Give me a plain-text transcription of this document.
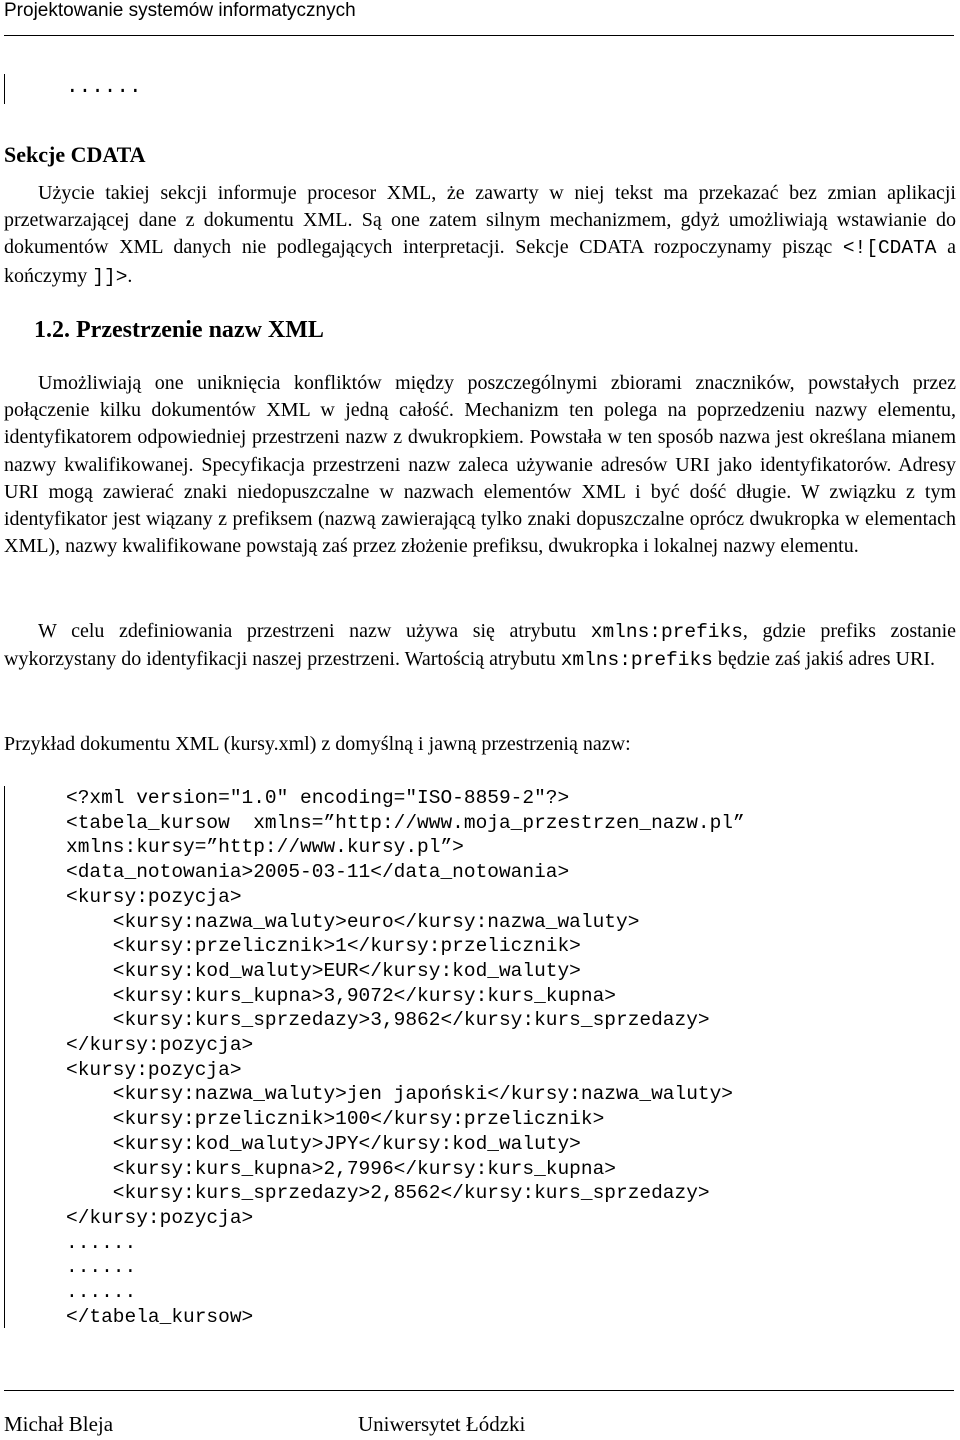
Projektowanie systemów informatycznych
......
Sekcje CDATA

Użycie takiej sekcji informuje procesor XML, że zawarty w niej tekst ma przekazać bez zmian aplikacji przetwarzającej dane z dokumentu XML. Są one zatem silnym mechanizmem, gdyż umożliwiają wstawianie do dokumentów XML danych nie podlegających interpretacji. Sekcje CDATA rozpoczynamy pisząc <![CDATA a kończymy ]]>.

1.2. Przestrzenie nazw XML

Umożliwiają one uniknięcia konfliktów między poszczególnymi zbiorami znaczników, powstałych przez połączenie kilku dokumentów XML w jedną całość. Mechanizm ten polega na poprzedzeniu nazwy elementu, identyfikatorem odpowiedniej przestrzeni nazw z dwukropkiem. Powstała w ten sposób nazwa jest określana mianem nazwy kwalifikowanej. Specyfikacja przestrzeni nazw zaleca używanie adresów URI jako identyfikatorów. Adresy URI mogą zawierać znaki niedopuszczalne w nazwach elementów XML i być dość długie. W związku z tym identyfikator jest wiązany z prefiksem (nazwą zawierającą tylko znaki dopuszczalne oprócz dwukropka w elementach XML), nazwy kwalifikowane powstają zaś przez złożenie prefiksu, dwukropka i lokalnej nazwy elementu.

W celu zdefiniowania przestrzeni nazw używa się atrybutu xmlns:prefiks, gdzie prefiks zostanie wykorzystany do identyfikacji naszej przestrzeni. Wartością atrybutu xmlns:prefiks będzie zaś jakiś adres URI.

Przykład dokumentu XML (kursy.xml) z domyślną i jawną przestrzenią nazw:
<?xml version="1.0" encoding="ISO-8859-2"?>
<tabela_kursow  xmlns=”http://www.moja_przestrzen_nazw.pl”
xmlns:kursy=”http://www.kursy.pl”>
<data_notowania>2005-03-11</data_notowania>
<kursy:pozycja>
<kursy:nazwa_waluty>euro</kursy:nazwa_waluty>
<kursy:przelicznik>1</kursy:przelicznik>
<kursy:kod_waluty>EUR</kursy:kod_waluty>
<kursy:kurs_kupna>3,9072</kursy:kurs_kupna>
<kursy:kurs_sprzedazy>3,9862</kursy:kurs_sprzedazy>
</kursy:pozycja>
<kursy:pozycja>
<kursy:nazwa_waluty>jen japoński</kursy:nazwa_waluty>
<kursy:przelicznik>100</kursy:przelicznik>
<kursy:kod_waluty>JPY</kursy:kod_waluty>
<kursy:kurs_kupna>2,7996</kursy:kurs_kupna>
<kursy:kurs_sprzedazy>2,8562</kursy:kurs_sprzedazy>
</kursy:pozycja>
......
......
......
</tabela_kursow>
Michał Bleja	Uniwersytet Łódzki
